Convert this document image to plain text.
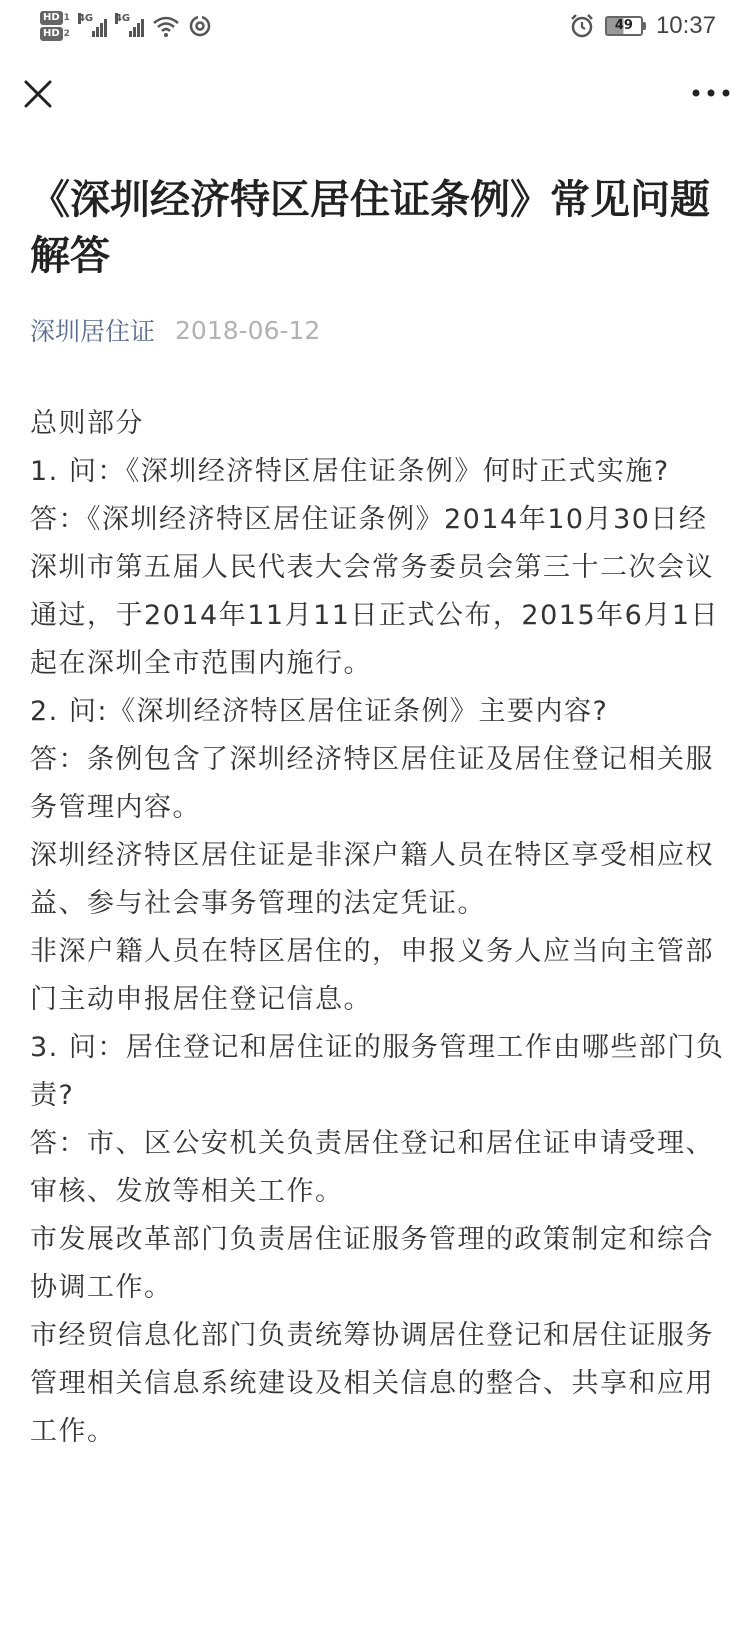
HD 1
HD 2
4G 4G	49 10:37
《深圳经济特区居住证条例》常见问题解答
深圳居住证 2018-06-12

总则部分

1. 问：《深圳经济特区居住证条例》何时正式实施?

答：《深圳经济特区居住证条例》2014年10月30日经深圳市第五届人民代表大会常务委员会第三十二次会议通过，于2014年11月11日正式公布，2015年6月1日起在深圳全市范围内施行。

2. 问:《深圳经济特区居住证条例》主要内容?

答：条例包含了深圳经济特区居住证及居住登记相关服务管理内容。

深圳经济特区居住证是非深户籍人员在特区享受相应权益、参与社会事务管理的法定凭证。

非深户籍人员在特区居住的，申报义务人应当向主管部门主动申报居住登记信息。

3. 问：居住登记和居住证的服务管理工作由哪些部门负责?

答：市、区公安机关负责居住登记和居住证申请受理、审核、发放等相关工作。

市发展改革部门负责居住证服务管理的政策制定和综合协调工作。

市经贸信息化部门负责统筹协调居住登记和居住证服务管理相关信息系统建设及相关信息的整合、共享和应用工作。
